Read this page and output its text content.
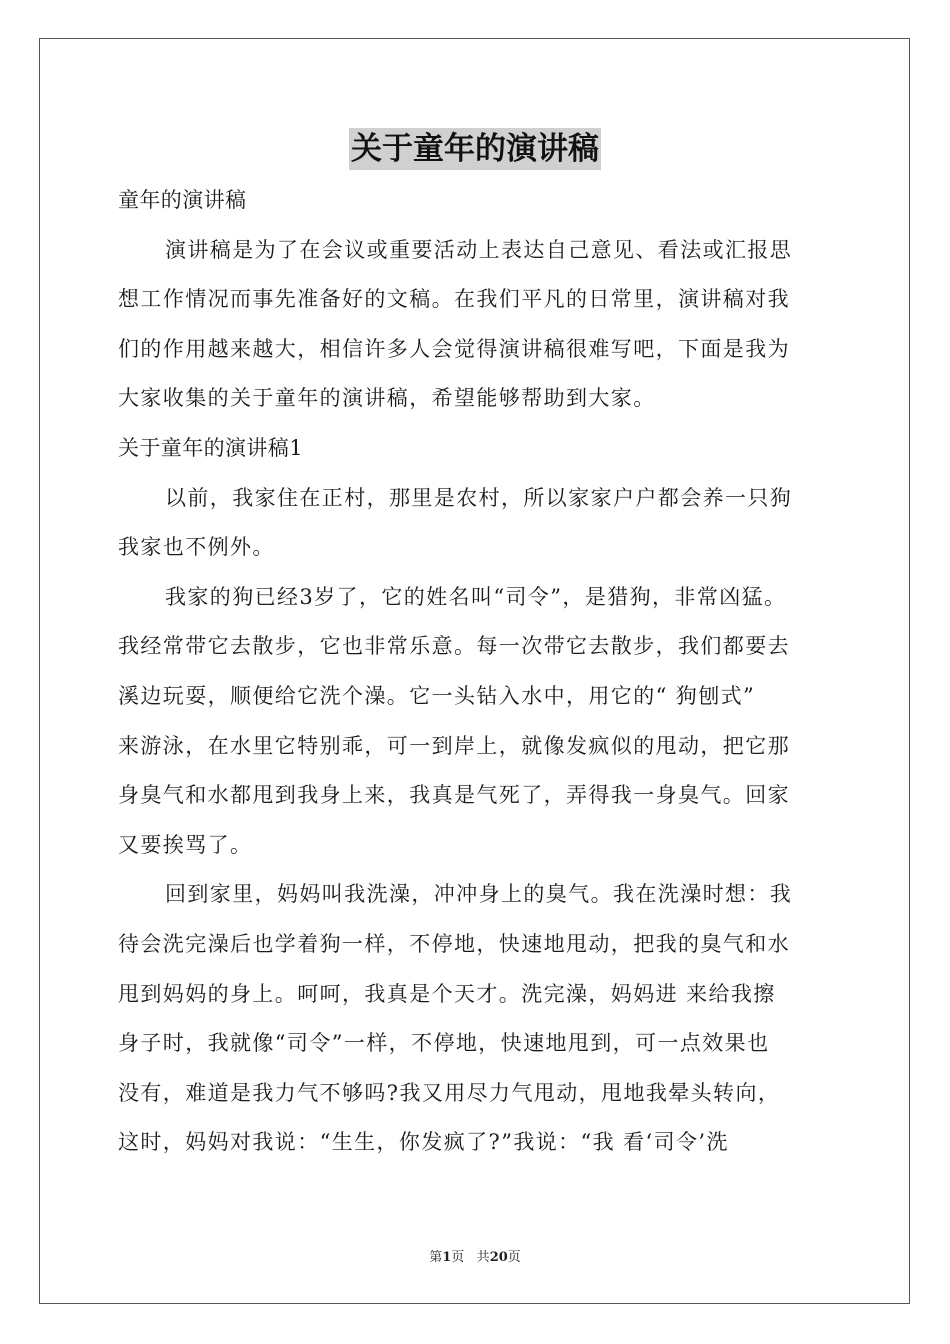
关于童年的演讲稿
童年的演讲稿
演讲稿是为了在会议或重要活动上表达自己意见、看法或汇报思
想工作情况而事先准备好的文稿。在我们平凡的日常里，演讲稿对我
们的作用越来越大，相信许多人会觉得演讲稿很难写吧，下面是我为
大家收集的关于童年的演讲稿，希望能够帮助到大家。
关于童年的演讲稿1
以前，我家住在正村，那里是农村，所以家家户户都会养一只狗
我家也不例外。
我家的狗已经3岁了，它的姓名叫“司令”，是猎狗，非常凶猛。
我经常带它去散步，它也非常乐意。每一次带它去散步，我们都要去
溪边玩耍，顺便给它洗个澡。它一头钻入水中，用它的“ 狗刨式”
来游泳，在水里它特别乖，可一到岸上，就像发疯似的甩动，把它那
身臭气和水都甩到我身上来，我真是气死了，弄得我一身臭气。回家
又要挨骂了。
回到家里，妈妈叫我洗澡，冲冲身上的臭气。我在洗澡时想：我
待会洗完澡后也学着狗一样，不停地，快速地甩动，把我的臭气和水
甩到妈妈的身上。呵呵，我真是个天才。洗完澡，妈妈进 来给我擦
身子时，我就像“司令”一样，不停地，快速地甩到，可一点效果也
没有，难道是我力气不够吗?我又用尽力气甩动，甩地我晕头转向，
这时，妈妈对我说：“生生，你发疯了?”我说：“我 看‘司令’洗
第1页 共20页
